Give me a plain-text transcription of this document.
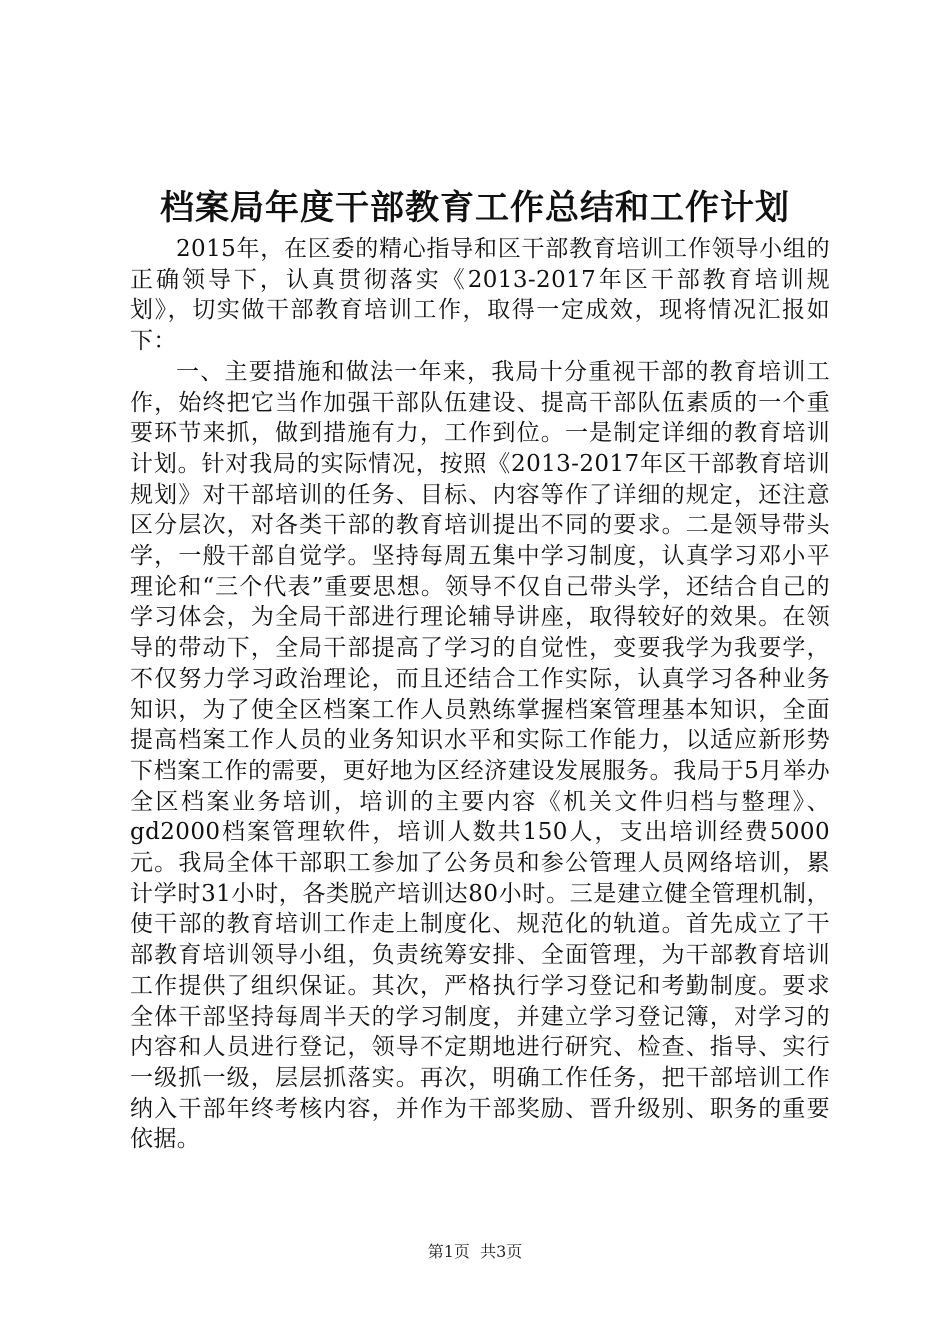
档案局年度干部教育工作总结和工作计划

2015年，在区委的精心指导和区干部教育培训工作领导小组的正确领导下，认真贯彻落实《2013-2017年区干部教育培训规划》，切实做干部教育培训工作，取得一定成效，现将情况汇报如下：

一、主要措施和做法一年来，我局十分重视干部的教育培训工作，始终把它当作加强干部队伍建设、提高干部队伍素质的一个重要环节来抓，做到措施有力，工作到位。一是制定详细的教育培训计划。针对我局的实际情况，按照《2013-2017年区干部教育培训规划》对干部培训的任务、目标、内容等作了详细的规定，还注意区分层次，对各类干部的教育培训提出不同的要求。二是领导带头学，一般干部自觉学。坚持每周五集中学习制度，认真学习邓小平理论和“三个代表”重要思想。领导不仅自己带头学，还结合自己的学习体会，为全局干部进行理论辅导讲座，取得较好的效果。在领导的带动下，全局干部提高了学习的自觉性，变要我学为我要学，不仅努力学习政治理论，而且还结合工作实际，认真学习各种业务知识，为了使全区档案工作人员熟练掌握档案管理基本知识，全面提高档案工作人员的业务知识水平和实际工作能力，以适应新形势下档案工作的需要，更好地为区经济建设发展服务。我局于5月举办全区档案业务培训，培训的主要内容《机关文件归档与整理》、gd2000档案管理软件，培训人数共150人，支出培训经费5000元。我局全体干部职工参加了公务员和参公管理人员网络培训，累计学时31小时，各类脱产培训达80小时。三是建立健全管理机制，使干部的教育培训工作走上制度化、规范化的轨道。首先成立了干部教育培训领导小组，负责统筹安排、全面管理，为干部教育培训工作提供了组织保证。其次，严格执行学习登记和考勤制度。要求全体干部坚持每周半天的学习制度，并建立学习登记簿，对学习的内容和人员进行登记，领导不定期地进行研究、检查、指导、实行一级抓一级，层层抓落实。再次，明确工作任务，把干部培训工作纳入干部年终考核内容，并作为干部奖励、晋升级别、职务的重要依据。

第1页 共3页
